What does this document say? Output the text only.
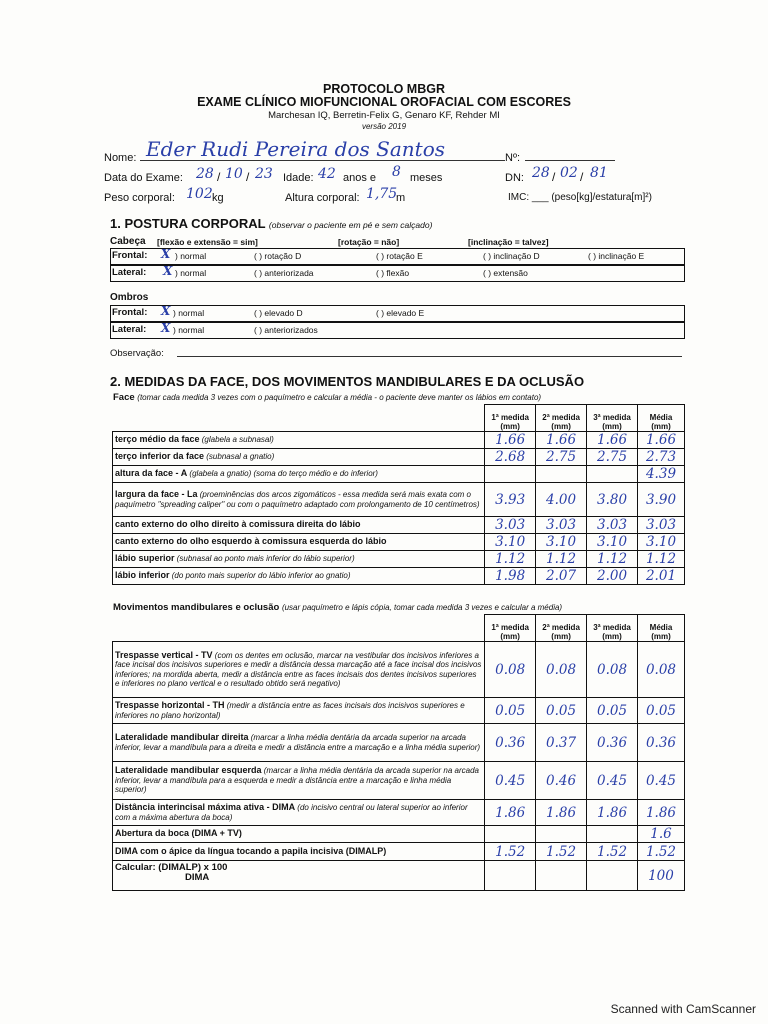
PROTOCOLO MBGR
EXAME CLÍNICO MIOFUNCIONAL OROFACIAL COM ESCORES
Marchesan IQ, Berretin-Felix G, Genaro KF, Rehder MI
versão 2019
Nome: Eder Rudi Pereira dos Santos	Nº:
Data do Exame: 28 / 10 / 23 Idade: 42 anos e 8 meses	DN: 28 / 02 / 81
Peso corporal: 102 kg	Altura corporal: 1,75
m	IMC: ___ (peso[kg]/estatura[m]²)
1. POSTURA CORPORAL (observar o paciente em pé e sem calçado)
Cabeça [flexão e extensão = sim]	[rotação = não]	[inclinação = talvez]
Frontal: X ) normal	( ) rotação D	( ) rotação E	( ) inclinação D	( ) inclinação E
Lateral: X ) normal	( ) anteriorizada	( ) flexão	( ) extensão
Ombros
Frontal: X ) normal	( ) elevado D	( ) elevado E
Lateral: X ) normal	( ) anteriorizados
Observação:
2. MEDIDAS DA FACE, DOS MOVIMENTOS MANDIBULARES E DA OCLUSÃO
Face (tomar cada medida 3 vezes com o paquímetro e calcular a média - o paciente deve manter os lábios em contato)
	1ª medida (mm)	2ª medida (mm)	3ª medida (mm)	Média (mm)
terço médio da face (glabela a subnasal)	1.66	1.66	1.66	1.66
terço inferior da face (subnasal a gnatio)	2.68	2.75	2.75	2.73
altura da face - A (glabela a gnatio) (soma do terço médio e do inferior)				4.39
largura da face - La (proeminências dos arcos zigomáticos - essa medida será mais exata com o paquímetro "spreading caliper" ou com o paquímetro adaptado com prolongamento de 10 centímetros)	3.93	4.00	3.80	3.90
canto externo do olho direito à comissura direita do lábio	3.03	3.03	3.03	3.03
canto externo do olho esquerdo à comissura esquerda do lábio	3.10	3.10	3.10	3.10
lábio superior (subnasal ao ponto mais inferior do lábio superior)	1.12	1.12	1.12	1.12
lábio inferior (do ponto mais superior do lábio inferior ao gnatio)	1.98	2.07	2.00	2.01
Movimentos mandibulares e oclusão (usar paquímetro e lápis cópia, tomar cada medida 3 vezes e calcular a média)
	1ª medida (mm)	2ª medida (mm)	3ª medida (mm)	Média (mm)
Trespasse vertical - TV (com os dentes em oclusão, marcar na vestibular dos incisivos inferiores a face incisal dos incisivos superiores e medir a distância dessa marcação até a face incisal dos incisivos inferiores; na mordida aberta, medir a distância entre as faces incisais dos dentes incisivos superiores e inferiores no plano vertical e o resultado obtido será negativo)	0.08	0.08	0.08	0.08
Trespasse horizontal - TH (medir a distância entre as faces incisais dos incisivos superiores e inferiores no plano horizontal)	0.05	0.05	0.05	0.05
Lateralidade mandibular direita (marcar a linha média dentária da arcada superior na arcada inferior, levar a mandíbula para a direita e medir a distância entre a marcação e a linha média superior)	0.36	0.37	0.36	0.36
Lateralidade mandibular esquerda (marcar a linha média dentária da arcada superior na arcada inferior, levar a mandíbula para a esquerda e medir a distância entre a marcação e linha média superior)	0.45	0.46	0.45	0.45
Distância interincisal máxima ativa - DIMA (do incisivo central ou lateral superior ao inferior com a máxima abertura da boca)	1.86	1.86	1.86	1.86
Abertura da boca (DIMA + TV)				1.6
DIMA com o ápice da língua tocando a papila incisiva (DIMALP)	1.52	1.52	1.52	1.52
Calcular: (DIMALP) x 100
DIMA				100
Scanned with CamScanner
